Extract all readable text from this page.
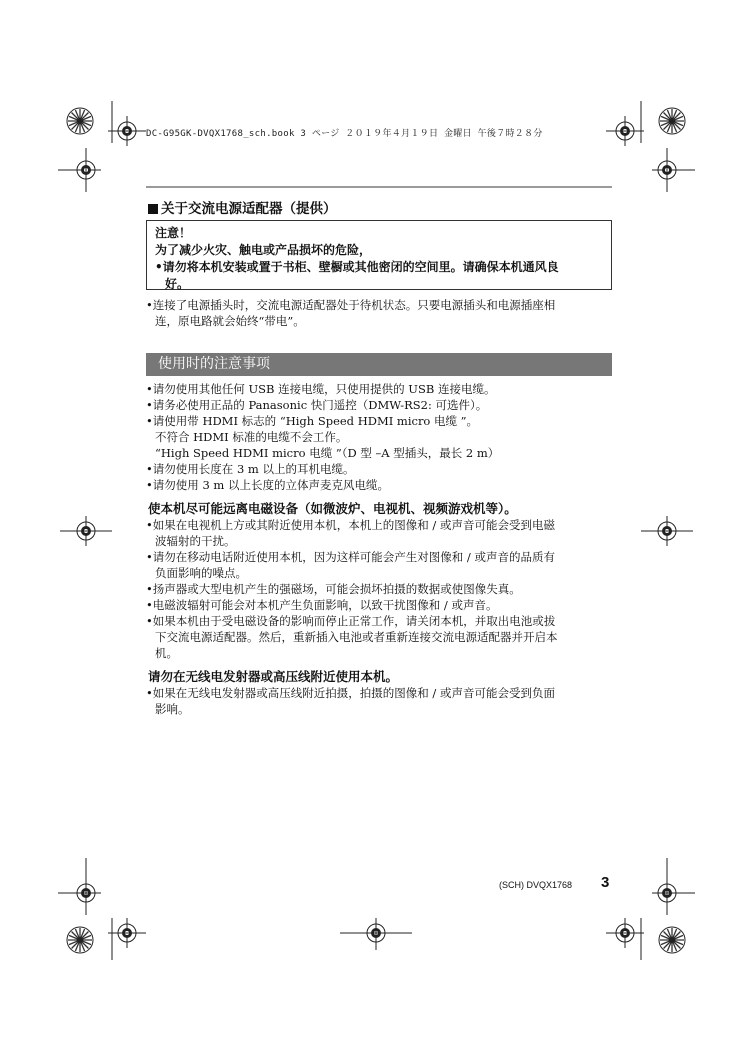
DC-G95GK-DVQX1768_sch.book 3 ページ ２０１９年４月１９日 金曜日 午後７時２８分
关于交流电源适配器（提供）
注意！
为了减少火灾、触电或产品损坏的危险，
•请勿将本机安装或置于书柜、壁橱或其他密闭的空间里。请确保本机通风良
好。
•连接了电源插头时，交流电源适配器处于待机状态。只要电源插头和电源插座相
连，原电路就会始终“带电”。
使用时的注意事项
•请勿使用其他任何 USB 连接电缆，只使用提供的 USB 连接电缆。
•请务必使用正品的 Panasonic 快门遥控（DMW-RS2: 可选件）。
•请使用带 HDMI 标志的 “High Speed HDMI micro 电缆 ”。
不符合 HDMI 标准的电缆不会工作。
“High Speed HDMI micro 电缆 ”（D 型 –A 型插头，最长 2 m）
•请勿使用长度在 3 m 以上的耳机电缆。
•请勿使用 3 m 以上长度的立体声麦克风电缆。
使本机尽可能远离电磁设备（如微波炉、电视机、视频游戏机等）。
•如果在电视机上方或其附近使用本机，本机上的图像和 / 或声音可能会受到电磁
波辐射的干扰。
•请勿在移动电话附近使用本机，因为这样可能会产生对图像和 / 或声音的品质有
负面影响的噪点。
•扬声器或大型电机产生的强磁场，可能会损坏拍摄的数据或使图像失真。
•电磁波辐射可能会对本机产生负面影响，以致干扰图像和 / 或声音。
•如果本机由于受电磁设备的影响而停止正常工作，请关闭本机，并取出电池或拔
下交流电源适配器。然后，重新插入电池或者重新连接交流电源适配器并开启本
机。
请勿在无线电发射器或高压线附近使用本机。
•如果在无线电发射器或高压线附近拍摄，拍摄的图像和 / 或声音可能会受到负面
影响。
(SCH) DVQX1768 3
